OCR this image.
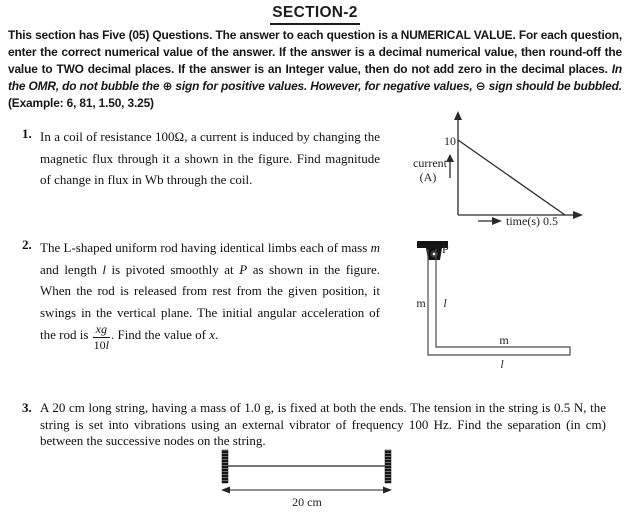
SECTION-2

This section has Five (05) Questions. The answer to each question is a NUMERICAL VALUE. For each question, enter the correct numerical value of the answer. If the answer is a decimal numerical value, then round-off the value to TWO decimal places. If the answer is an Integer value, then do not add zero in the decimal places. In the OMR, do not bubble the ⊕ sign for positive values. However, for negative values, ⊖ sign should be bubbled.

(Example: 6, 81, 1.50, 3.25)

1. In a coil of resistance 100Ω, a current is induced by changing the magnetic flux through it a shown in the figure. Find magnitude of change in flux in Wb through the coil.
10
current
(A)
time(s) 0.5
2. The L-shaped uniform rod having identical limbs each of mass m and length l is pivoted smoothly at P as shown in the figure. When the rod is released from rest from the given position, it swings in the vertical plane. The initial angular acceleration of the rod is $\frac{xg}{10l}$ . Find the value of x.
P
m l
m
l
3. A 20 cm long string, having a mass of 1.0 g, is fixed at both the ends. The tension in the string is 0.5 N, the string is set into vibrations using an external vibrator of frequency 100 Hz. Find the separation (in cm) between the successive nodes on the string.
20 cm
